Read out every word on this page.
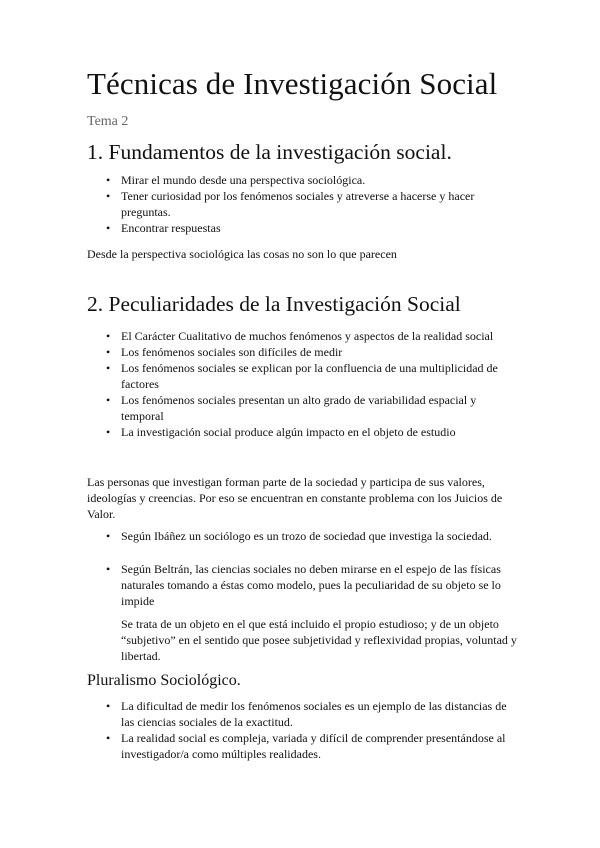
Técnicas de Investigación Social
Tema 2
1. Fundamentos de la investigación social.
• Mirar el mundo desde una perspectiva sociológica.
• Tener curiosidad por los fenómenos sociales y atreverse a hacerse y hacer preguntas.
• Encontrar respuestas

Desde la perspectiva sociológica las cosas no son lo que parecen

2. Peculiaridades de la Investigación Social
• El Carácter Cualitativo de muchos fenómenos y aspectos de la realidad social
• Los fenómenos sociales son difíciles de medir
• Los fenómenos sociales se explican por la confluencia de una multiplicidad de factores
• Los fenómenos sociales presentan un alto grado de variabilidad espacial y temporal
• La investigación social produce algún impacto en el objeto de estudio

Las personas que investigan forman parte de la sociedad y participa de sus valores, ideologías y creencias. Por eso se encuentran en constante problema con los Juicios de Valor.

• Según Ibáñez un sociólogo es un trozo de sociedad que investiga la sociedad.
• Según Beltrán, las ciencias sociales no deben mirarse en el espejo de las físicas naturales tomando a éstas como modelo, pues la peculiaridad de su objeto se lo impide

Se trata de un objeto en el que está incluido el propio estudioso; y de un objeto “subjetivo” en el sentido que posee subjetividad y reflexividad propias, voluntad y libertad.

Pluralismo Sociológico.
• La dificultad de medir los fenómenos sociales es un ejemplo de las distancias de las ciencias sociales de la exactitud.
• La realidad social es compleja, variada y difícil de comprender presentándose al investigador/a como múltiples realidades.
